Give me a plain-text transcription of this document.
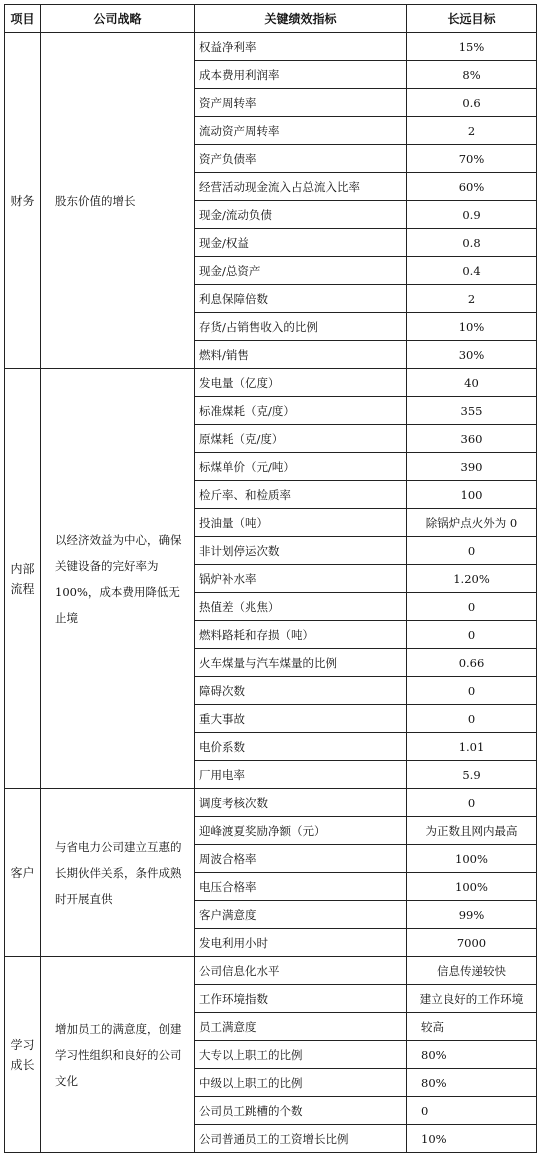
项目	公司战略	关键绩效指标	长远目标
财务	股东价值的增长	权益净利率	15%
		成本费用利润率	8%
		资产周转率	0.6
		流动资产周转率	2
		资产负债率	70%
		经营活动现金流入占总流入比率	60%
		现金/流动负债	0.9
		现金/权益	0.8
		现金/总资产	0.4
		利息保障倍数	2
		存货/占销售收入的比例	10%
		燃料/销售	30%
内部流程	以经济效益为中心，确保关键设备的完好率为100%，成本费用降低无止境	发电量（亿度）	40
		标准煤耗（克/度）	355
		原煤耗（克/度）	360
		标煤单价（元/吨）	390
		检斤率、和检质率	100
		投油量（吨）	除锅炉点火外为 0
		非计划停运次数	0
		锅炉补水率	1.20%
		热值差（兆焦）	0
		燃料路耗和存损（吨）	0
		火车煤量与汽车煤量的比例	0.66
		障碍次数	0
		重大事故	0
		电价系数	1.01
		厂用电率	5.9
客户	与省电力公司建立互惠的长期伙伴关系，条件成熟时开展直供	调度考核次数	0
		迎峰渡夏奖励净额（元）	为正数且网内最高
		周波合格率	100%
		电压合格率	100%
		客户满意度	99%
		发电利用小时	7000
学习成长	增加员工的满意度，创建学习性组织和良好的公司文化	公司信息化水平	信息传递较快
		工作环境指数	建立良好的工作环境
		员工满意度	较高
		大专以上职工的比例	80%
		中级以上职工的比例	80%
		公司员工跳槽的个数	0
		公司普通员工的工资增长比例	10%
